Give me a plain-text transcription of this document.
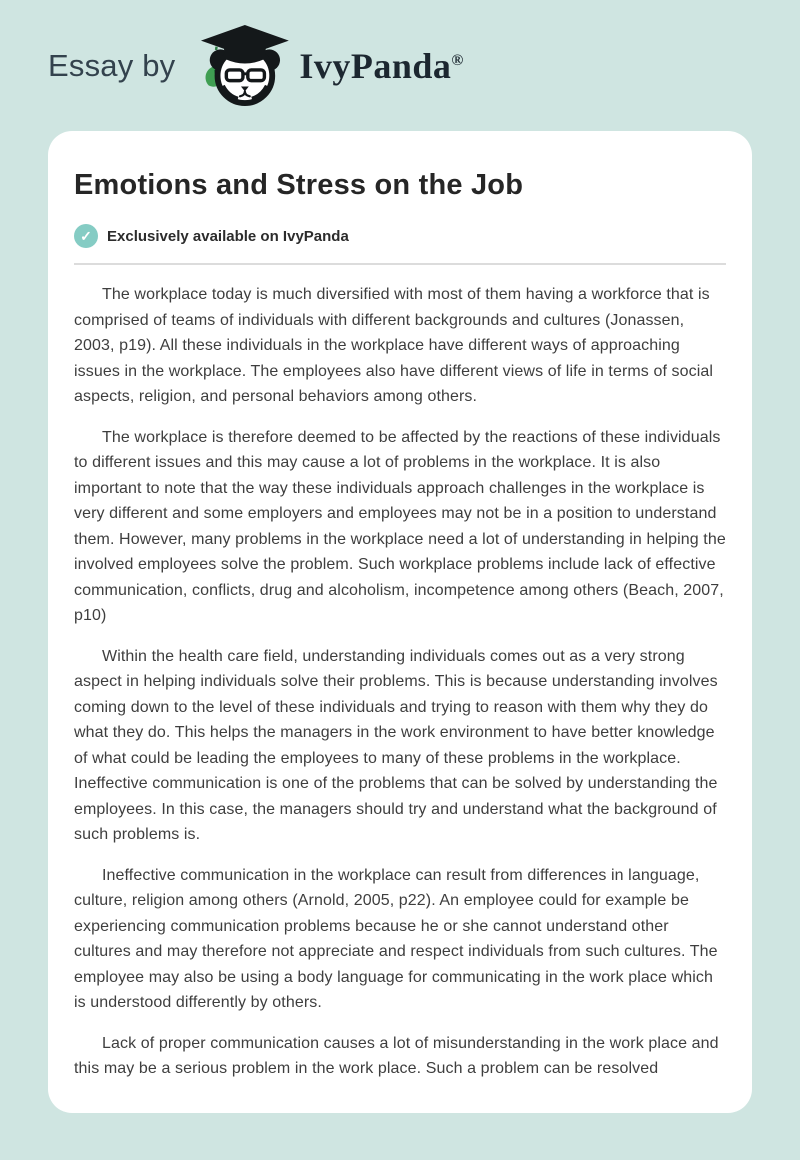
Essay by	IvyPanda®
Emotions and Stress on the Job
✓	Exclusively available on IvyPanda

The workplace today is much diversified with most of them having a workforce that is comprised of teams of individuals with different backgrounds and cultures (Jonassen, 2003, p19). All these individuals in the workplace have different ways of approaching issues in the workplace. The employees also have different views of life in terms of social aspects, religion, and personal behaviors among others.

The workplace is therefore deemed to be affected by the reactions of these individuals to different issues and this may cause a lot of problems in the workplace. It is also important to note that the way these individuals approach challenges in the workplace is very different and some employers and employees may not be in a position to understand them. However, many problems in the workplace need a lot of understanding in helping the involved employees solve the problem. Such workplace problems include lack of effective communication, conflicts, drug and alcoholism, incompetence among others (Beach, 2007, p10)

Within the health care field, understanding individuals comes out as a very strong aspect in helping individuals solve their problems. This is because understanding involves coming down to the level of these individuals and trying to reason with them why they do what they do. This helps the managers in the work environment to have better knowledge of what could be leading the employees to many of these problems in the workplace. Ineffective communication is one of the problems that can be solved by understanding the employees. In this case, the managers should try and understand what the background of such problems is.

Ineffective communication in the workplace can result from differences in language, culture, religion among others (Arnold, 2005, p22). An employee could for example be experiencing communication problems because he or she cannot understand other cultures and may therefore not appreciate and respect individuals from such cultures. The employee may also be using a body language for communicating in the work place which is understood differently by others.

Lack of proper communication causes a lot of misunderstanding in the work place and this may be a serious problem in the work place. Such a problem can be resolved
